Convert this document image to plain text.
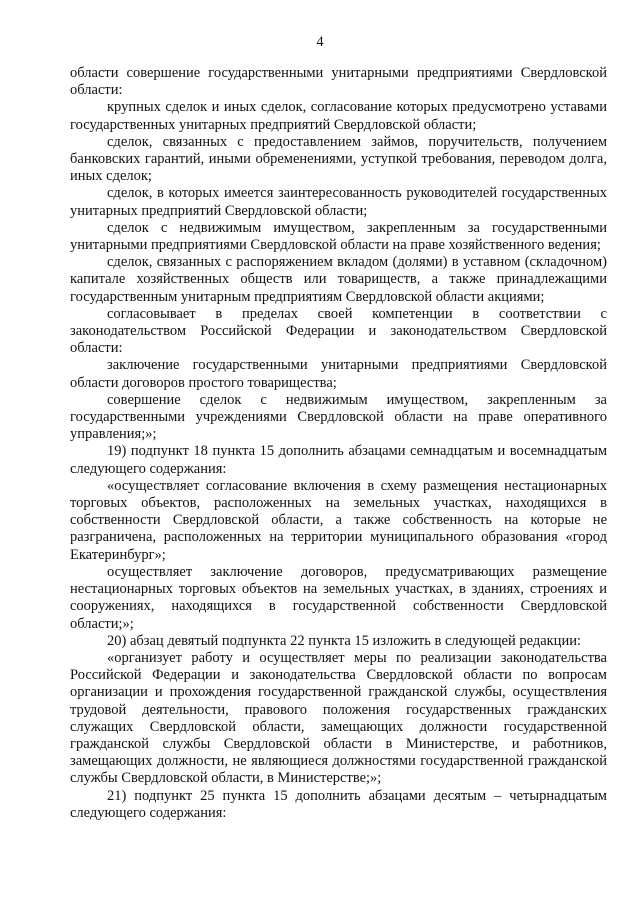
4

области совершение государственными унитарными предприятиями Свердловской области:

крупных сделок и иных сделок, согласование которых предусмотрено уставами государственных унитарных предприятий Свердловской области;

сделок, связанных с предоставлением займов, поручительств, получением банковских гарантий, иными обременениями, уступкой требования, переводом долга, иных сделок;

сделок, в которых имеется заинтересованность руководителей государственных унитарных предприятий Свердловской области;

сделок с недвижимым имуществом, закрепленным за государственными унитарными предприятиями Свердловской области на праве хозяйственного ведения;

сделок, связанных с распоряжением вкладом (долями) в уставном (складочном) капитале хозяйственных обществ или товариществ, а также принадлежащими государственным унитарным предприятиям Свердловской области акциями;

согласовывает в пределах своей компетенции в соответствии с законодательством Российской Федерации и законодательством Свердловской области:

заключение государственными унитарными предприятиями Свердловской области договоров простого товарищества;

совершение сделок с недвижимым имуществом, закрепленным за государственными учреждениями Свердловской области на праве оперативного управления;»;

19) подпункт 18 пункта 15 дополнить абзацами семнадцатым и восемнадцатым следующего содержания:

«осуществляет согласование включения в схему размещения нестационарных торговых объектов, расположенных на земельных участках, находящихся в собственности Свердловской области, а также собственность на которые не разграничена, расположенных на территории муниципального образования «город Екатеринбург»;

осуществляет заключение договоров, предусматривающих размещение нестационарных торговых объектов на земельных участках, в зданиях, строениях и сооружениях, находящихся в государственной собственности Свердловской области;»;

20) абзац девятый подпункта 22 пункта 15 изложить в следующей редакции:

«организует работу и осуществляет меры по реализации законодательства Российской Федерации и законодательства Свердловской области по вопросам организации и прохождения государственной гражданской службы, осуществления трудовой деятельности, правового положения государственных гражданских служащих Свердловской области, замещающих должности государственной гражданской службы Свердловской области в Министерстве, и работников, замещающих должности, не являющиеся должностями государственной гражданской службы Свердловской области, в Министерстве;»;

21) подпункт 25 пункта 15 дополнить абзацами десятым – четырнадцатым следующего содержания:
